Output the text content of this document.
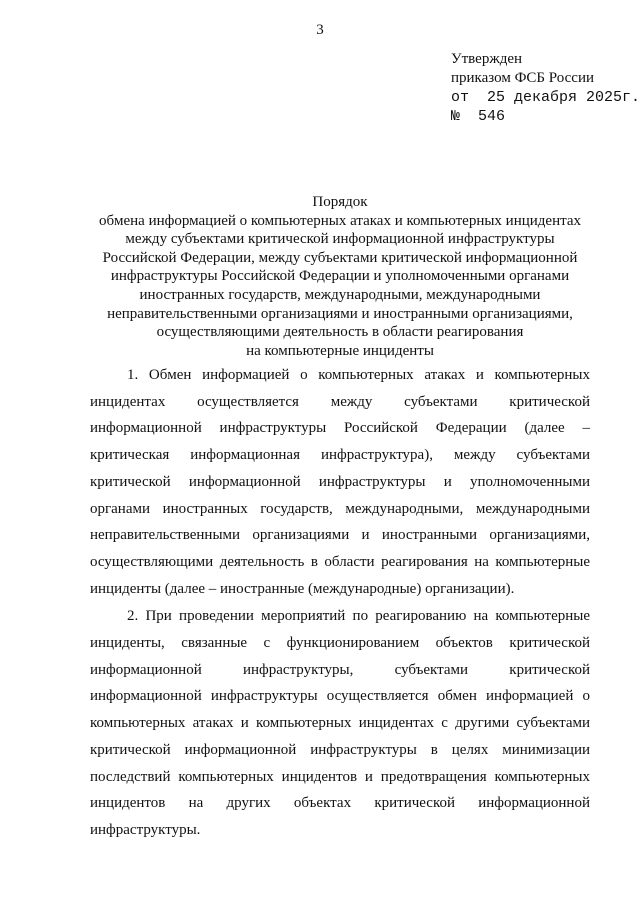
3
Утвержден
приказом ФСБ России
от  25 декабря 2025г.
№  546
Порядок
обмена информацией о компьютерных атаках и компьютерных инцидентах
между субъектами критической информационной инфраструктуры
Российской Федерации, между субъектами критической информационной
инфраструктуры Российской Федерации и уполномоченными органами
иностранных государств, международными, международными
неправительственными организациями и иностранными организациями,
осуществляющими деятельность в области реагирования
на компьютерные инциденты

1. Обмен информацией о компьютерных атаках и компьютерных инцидентах осуществляется между субъектами критической информационной инфраструктуры Российской Федерации (далее – критическая информационная инфраструктура), между субъектами критической информационной инфраструктуры и уполномоченными органами иностранных государств, международными, международными неправительственными организациями и иностранными организациями, осуществляющими деятельность в области реагирования на компьютерные инциденты (далее – иностранные (международные) организации).

2. При проведении мероприятий по реагированию на компьютерные инциденты, связанные с функционированием объектов критической информационной инфраструктуры, субъектами критической информационной инфраструктуры осуществляется обмен информацией о компьютерных атаках и компьютерных инцидентах с другими субъектами критической информационной инфраструктуры в целях минимизации последствий компьютерных инцидентов и предотвращения компьютерных инцидентов на других объектах критической информационной инфраструктуры.
